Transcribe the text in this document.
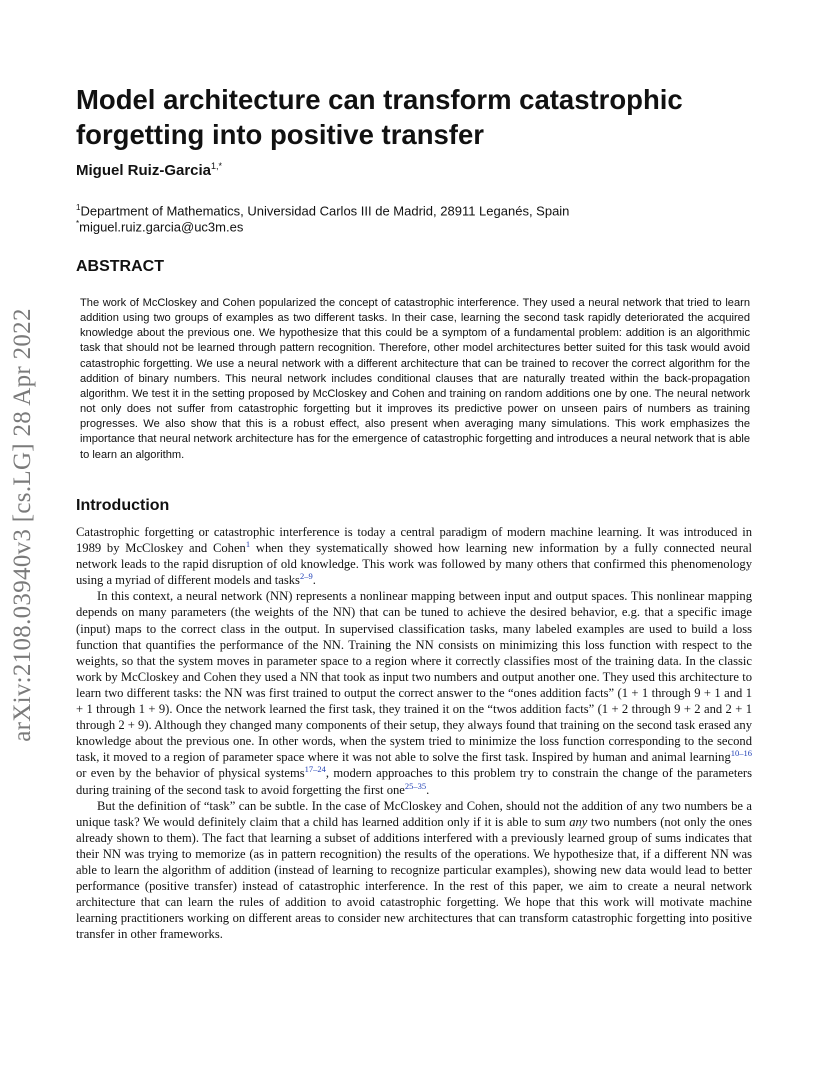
arXiv:2108.03940v3 [cs.LG] 28 Apr 2022
Model architecture can transform catastrophic forgetting into positive transfer
Miguel Ruiz-Garcia$^{1,*}$
$^1$Department of Mathematics, Universidad Carlos III de Madrid, 28911 Leganés, Spain
*miguel.ruiz.garcia@uc3m.es
ABSTRACT

The work of McCloskey and Cohen popularized the concept of catastrophic interference. They used a neural network that tried to learn addition using two groups of examples as two different tasks. In their case, learning the second task rapidly deteriorated the acquired knowledge about the previous one. We hypothesize that this could be a symptom of a fundamental problem: addition is an algorithmic task that should not be learned through pattern recognition. Therefore, other model architectures better suited for this task would avoid catastrophic forgetting. We use a neural network with a different architecture that can be trained to recover the correct algorithm for the addition of binary numbers. This neural network includes conditional clauses that are naturally treated within the back-propagation algorithm. We test it in the setting proposed by McCloskey and Cohen and training on random additions one by one. The neural network not only does not suffer from catastrophic forgetting but it improves its predictive power on unseen pairs of numbers as training progresses. We also show that this is a robust effect, also present when averaging many simulations. This work emphasizes the importance that neural network architecture has for the emergence of catastrophic forgetting and introduces a neural network that is able to learn an algorithm.

Introduction

Catastrophic forgetting or catastrophic interference is today a central paradigm of modern machine learning. It was introduced in 1989 by McCloskey and Cohen$^1$ when they systematically showed how learning new information by a fully connected neural network leads to the rapid disruption of old knowledge. This work was followed by many others that confirmed this phenomenology using a myriad of different models and tasks$^{2-9}$.

In this context, a neural network (NN) represents a nonlinear mapping between input and output spaces. This nonlinear mapping depends on many parameters (the weights of the NN) that can be tuned to achieve the desired behavior, e.g. that a specific image (input) maps to the correct class in the output. In supervised classification tasks, many labeled examples are used to build a loss function that quantifies the performance of the NN. Training the NN consists on minimizing this loss function with respect to the weights, so that the system moves in parameter space to a region where it correctly classifies most of the training data. In the classic work by McCloskey and Cohen they used a NN that took as input two numbers and output another one. They used this architecture to learn two different tasks: the NN was first trained to output the correct answer to the “ones addition facts” (1 + 1 through 9 + 1 and 1 + 1 through 1 + 9). Once the network learned the first task, they trained it on the “twos addition facts” (1 + 2 through 9 + 2 and 2 + 1 through 2 + 9). Although they changed many components of their setup, they always found that training on the second task erased any knowledge about the previous one. In other words, when the system tried to minimize the loss function corresponding to the second task, it moved to a region of parameter space where it was not able to solve the first task. Inspired by human and animal learning$^{10-16}$ or even by the behavior of physical systems$^{17-24}$, modern approaches to this problem try to constrain the change of the parameters during training of the second task to avoid forgetting the first one$^{25-35}$.

But the definition of “task” can be subtle. In the case of McCloskey and Cohen, should not the addition of any two numbers be a unique task? We would definitely claim that a child has learned addition only if it is able to sum any two numbers (not only the ones already shown to them). The fact that learning a subset of additions interfered with a previously learned group of sums indicates that their NN was trying to memorize (as in pattern recognition) the results of the operations. We hypothesize that, if a different NN was able to learn the algorithm of addition (instead of learning to recognize particular examples), showing new data would lead to better performance (positive transfer) instead of catastrophic interference. In the rest of this paper, we aim to create a neural network architecture that can learn the rules of addition to avoid catastrophic forgetting. We hope that this work will motivate machine learning practitioners working on different areas to consider new architectures that can transform catastrophic forgetting into positive transfer in other frameworks.
